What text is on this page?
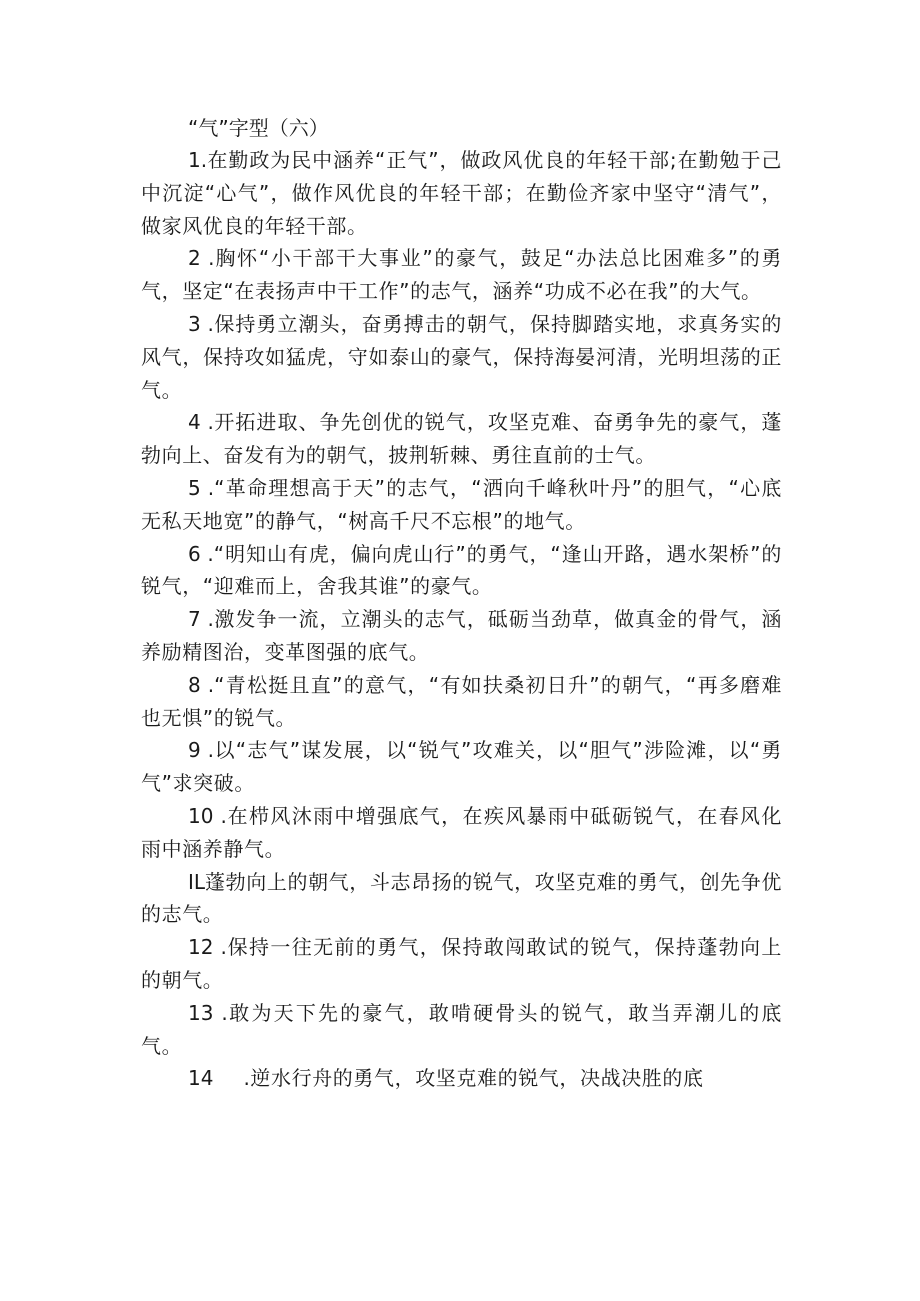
“气”字型（六）

1.在勤政为民中涵养“正气”，做政风优良的年轻干部;在勤勉于己中沉淀“心气”，做作风优良的年轻干部；在勤俭齐家中坚守“清气”，做家风优良的年轻干部。

2 .胸怀“小干部干大事业”的豪气，鼓足“办法总比困难多”的勇气，坚定“在表扬声中干工作”的志气，涵养“功成不必在我”的大气。

3 .保持勇立潮头，奋勇搏击的朝气，保持脚踏实地，求真务实的风气，保持攻如猛虎，守如泰山的豪气，保持海晏河清，光明坦荡的正气。

4 .开拓进取、争先创优的锐气，攻坚克难、奋勇争先的豪气，蓬勃向上、奋发有为的朝气，披荆斩棘、勇往直前的士气。

5 .“革命理想高于天”的志气，“洒向千峰秋叶丹”的胆气，“心底无私天地宽”的静气，“树高千尺不忘根”的地气。

6 .“明知山有虎，偏向虎山行”的勇气，“逢山开路，遇水架桥”的锐气，“迎难而上，舍我其谁”的豪气。

7 .激发争一流，立潮头的志气，砥砺当劲草，做真金的骨气，涵养励精图治，变革图强的底气。

8 .“青松挺且直”的意气，“有如扶桑初日升”的朝气，“再多磨难也无惧”的锐气。

9 .以“志气”谋发展，以“锐气”攻难关，以“胆气”涉险滩，以“勇气”求突破。

10 .在栉风沐雨中增强底气，在疾风暴雨中砥砺锐气，在春风化雨中涵养静气。

IL蓬勃向上的朝气，斗志昂扬的锐气，攻坚克难的勇气，创先争优的志气。

12 .保持一往无前的勇气，保持敢闯敢试的锐气，保持蓬勃向上的朝气。

13 .敢为天下先的豪气，敢啃硬骨头的锐气，敢当弄潮儿的底气。

14 .逆水行舟的勇气，攻坚克难的锐气，决战决胜的底
